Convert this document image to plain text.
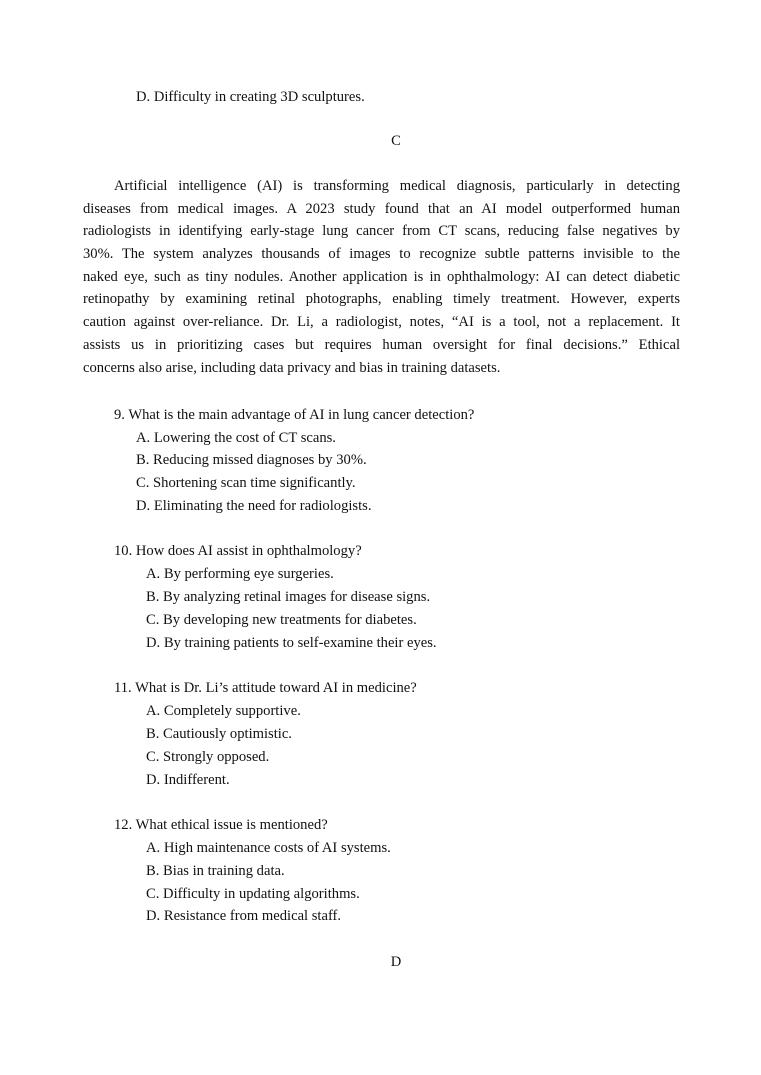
D. Difficulty in creating 3D sculptures.
C
Artificial intelligence (AI) is transforming medical diagnosis, particularly in detecting
diseases from medical images. A 2023 study found that an AI model outperformed human
radiologists in identifying early-stage lung cancer from CT scans, reducing false negatives by
30%. The system analyzes thousands of images to recognize subtle patterns invisible to the
naked eye, such as tiny nodules. Another application is in ophthalmology: AI can detect diabetic
retinopathy by examining retinal photographs, enabling timely treatment. However, experts
caution against over-reliance. Dr. Li, a radiologist, notes, “AI is a tool, not a replacement. It
assists us in prioritizing cases but requires human oversight for final decisions.” Ethical
concerns also arise, including data privacy and bias in training datasets.
9. What is the main advantage of AI in lung cancer detection?
A. Lowering the cost of CT scans.
B. Reducing missed diagnoses by 30%.
C. Shortening scan time significantly.
D. Eliminating the need for radiologists.
10. How does AI assist in ophthalmology?
A. By performing eye surgeries.
B. By analyzing retinal images for disease signs.
C. By developing new treatments for diabetes.
D. By training patients to self-examine their eyes.
11. What is Dr. Li’s attitude toward AI in medicine?
A. Completely supportive.
B. Cautiously optimistic.
C. Strongly opposed.
D. Indifferent.
12. What ethical issue is mentioned?
A. High maintenance costs of AI systems.
B. Bias in training data.
C. Difficulty in updating algorithms.
D. Resistance from medical staff.
D
